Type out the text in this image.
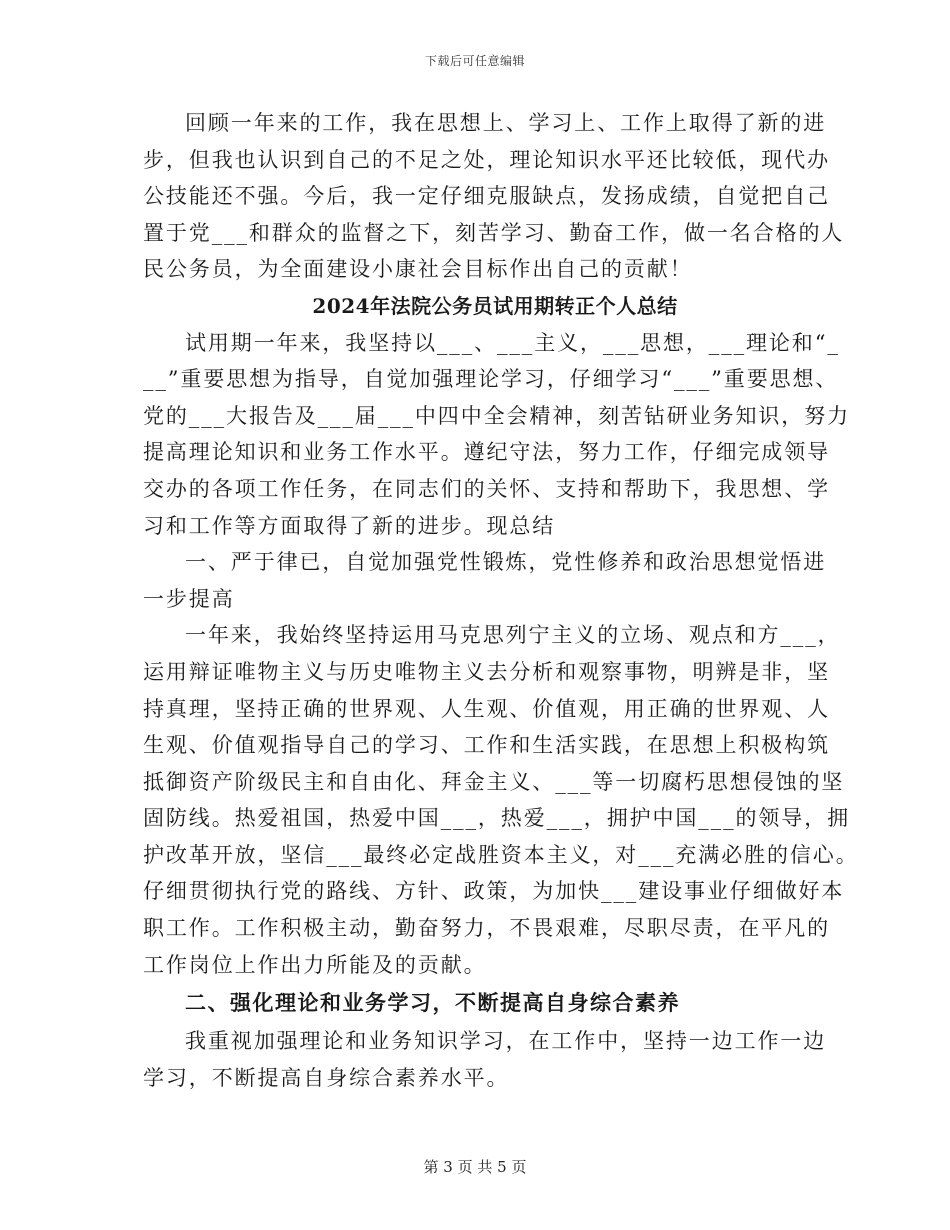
下载后可任意编辑
回顾一年来的工作，我在思想上、学习上、工作上取得了新的进
步，但我也认识到自己的不足之处，理论知识水平还比较低，现代办
公技能还不强。今后，我一定仔细克服缺点，发扬成绩，自觉把自己
置于党___和群众的监督之下，刻苦学习、勤奋工作，做一名合格的人
民公务员，为全面建设小康社会目标作出自己的贡献！
2024年法院公务员试用期转正个人总结
试用期一年来，我坚持以___、___主义，___思想，___理论和“_
__”重要思想为指导，自觉加强理论学习，仔细学习“___”重要思想、
党的___大报告及___届___中四中全会精神，刻苦钻研业务知识，努力
提高理论知识和业务工作水平。遵纪守法，努力工作，仔细完成领导
交办的各项工作任务，在同志们的关怀、支持和帮助下，我思想、学
习和工作等方面取得了新的进步。现总结
一、严于律已，自觉加强党性锻炼，党性修养和政治思想觉悟进
一步提高
一年来，我始终坚持运用马克思列宁主义的立场、观点和方___，
运用辩证唯物主义与历史唯物主义去分析和观察事物，明辨是非，坚
持真理，坚持正确的世界观、人生观、价值观，用正确的世界观、人
生观、价值观指导自己的学习、工作和生活实践，在思想上积极构筑
抵御资产阶级民主和自由化、拜金主义、___等一切腐朽思想侵蚀的坚
固防线。热爱祖国，热爱中国___，热爱___，拥护中国___的领导，拥
护改革开放，坚信___最终必定战胜资本主义，对___充满必胜的信心。
仔细贯彻执行党的路线、方针、政策，为加快___建设事业仔细做好本
职工作。工作积极主动，勤奋努力，不畏艰难，尽职尽责，在平凡的
工作岗位上作出力所能及的贡献。
二、强化理论和业务学习，不断提高自身综合素养
我重视加强理论和业务知识学习，在工作中，坚持一边工作一边
学习，不断提高自身综合素养水平。
第 3 页 共 5 页
